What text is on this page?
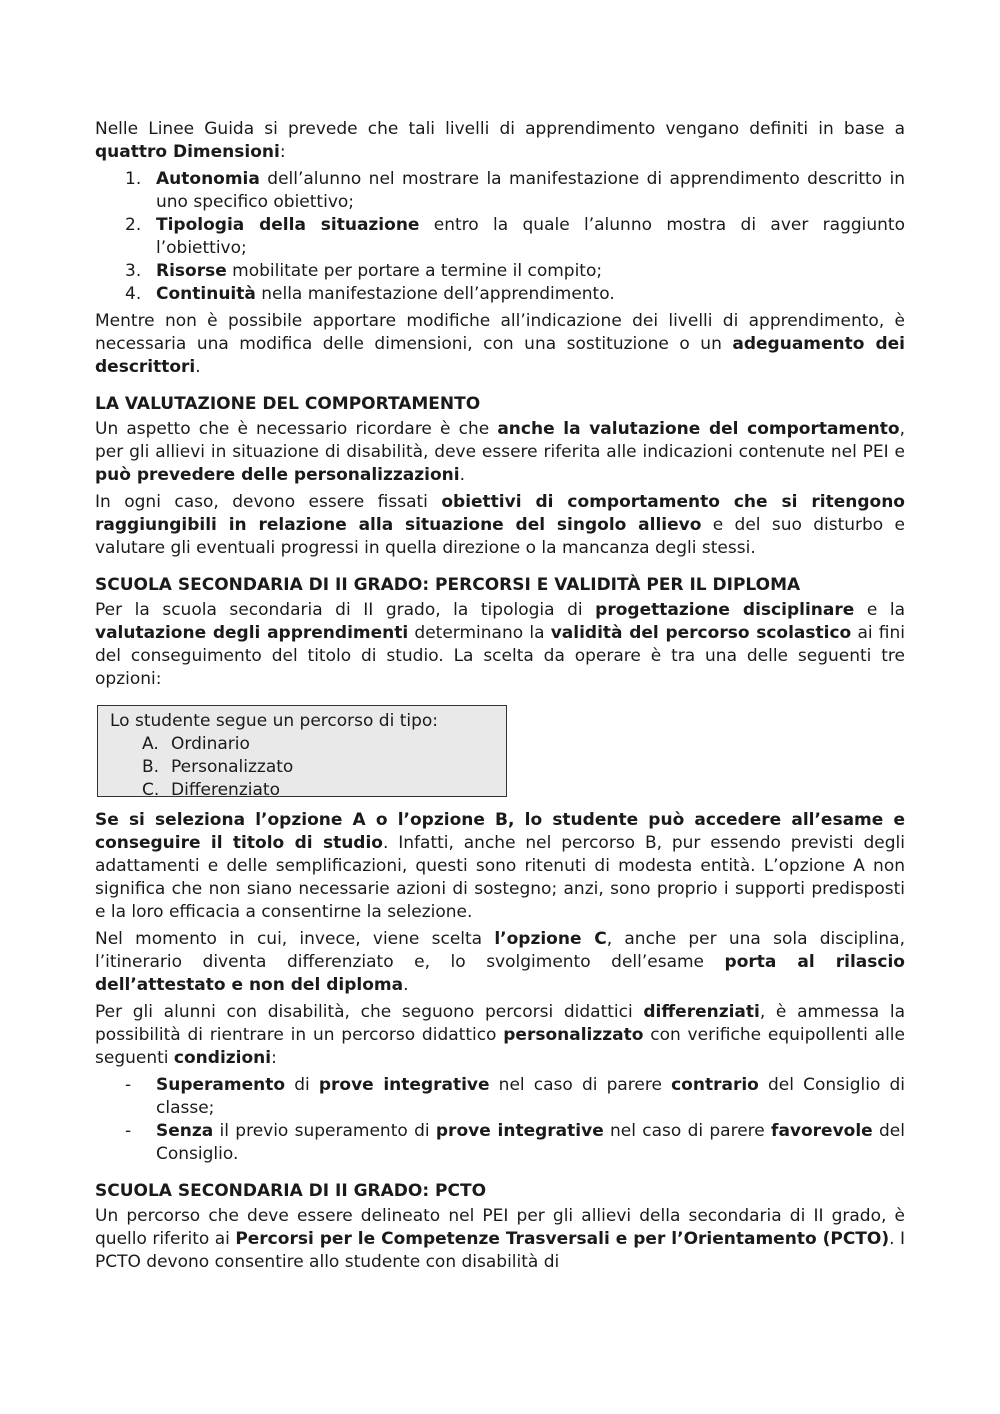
Nelle Linee Guida si prevede che tali livelli di apprendimento vengano definiti in base a quattro Dimensioni:

1. Autonomia dell’alunno nel mostrare la manifestazione di apprendimento descritto in uno specifico obiettivo;
2. Tipologia della situazione entro la quale l’alunno mostra di aver raggiunto l’obiettivo;
3. Risorse mobilitate per portare a termine il compito;
4. Continuità nella manifestazione dell’apprendimento.

Mentre non è possibile apportare modifiche all’indicazione dei livelli di apprendimento, è necessaria una modifica delle dimensioni, con una sostituzione o un adeguamento dei descrittori.

LA VALUTAZIONE DEL COMPORTAMENTO

Un aspetto che è necessario ricordare è che anche la valutazione del comportamento, per gli allievi in situazione di disabilità, deve essere riferita alle indicazioni contenute nel PEI e può prevedere delle personalizzazioni.

In ogni caso, devono essere fissati obiettivi di comportamento che si ritengono raggiungibili in relazione alla situazione del singolo allievo e del suo disturbo e valutare gli eventuali progressi in quella direzione o la mancanza degli stessi.

SCUOLA SECONDARIA DI II GRADO: PERCORSI E VALIDITÀ PER IL DIPLOMA

Per la scuola secondaria di II grado, la tipologia di progettazione disciplinare e la valutazione degli apprendimenti determinano la validità del percorso scolastico ai fini del conseguimento del titolo di studio. La scelta da operare è tra una delle seguenti tre opzioni:

Lo studente segue un percorso di tipo:
A. Ordinario
B. Personalizzato
C. Differenziato

Se si seleziona l’opzione A o l’opzione B, lo studente può accedere all’esame e conseguire il titolo di studio. Infatti, anche nel percorso B, pur essendo previsti degli adattamenti e delle semplificazioni, questi sono ritenuti di modesta entità. L’opzione A non significa che non siano necessarie azioni di sostegno; anzi, sono proprio i supporti predisposti e la loro efficacia a consentirne la selezione.

Nel momento in cui, invece, viene scelta l’opzione C, anche per una sola disciplina, l’itinerario diventa differenziato e, lo svolgimento dell’esame porta al rilascio dell’attestato e non del diploma.

Per gli alunni con disabilità, che seguono percorsi didattici differenziati, è ammessa la possibilità di rientrare in un percorso didattico personalizzato con verifiche equipollenti alle seguenti condizioni:

- Superamento di prove integrative nel caso di parere contrario del Consiglio di classe;
- Senza il previo superamento di prove integrative nel caso di parere favorevole del Consiglio.
SCUOLA SECONDARIA DI II GRADO: PCTO

Un percorso che deve essere delineato nel PEI per gli allievi della secondaria di II grado, è quello riferito ai Percorsi per le Competenze Trasversali e per l’Orientamento (PCTO). I PCTO devono consentire allo studente con disabilità di
